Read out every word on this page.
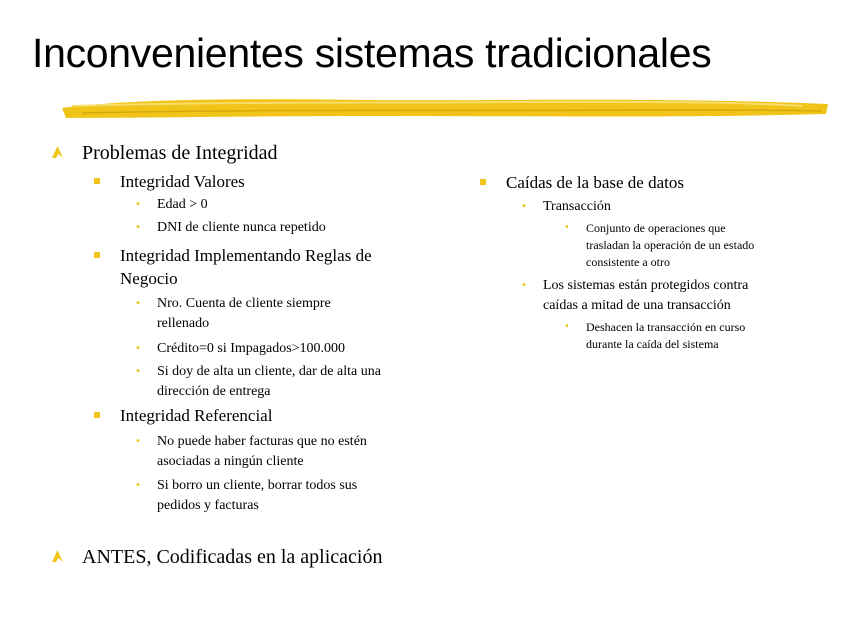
Inconvenientes sistemas tradicionales
Problemas de Integridad
Integridad Valores
• Edad > 0
• DNI de cliente nunca repetido
Integridad Implementando Reglas de
Negocio
• Nro. Cuenta de cliente siempre
rellenado
• Crédito=0 si Impagados>100.000
• Si doy de alta un cliente, dar de alta una
dirección de entrega
Integridad Referencial
• No puede haber facturas que no estén
asociadas a ningún cliente
• Si borro un cliente, borrar todos sus
pedidos y facturas
ANTES, Codificadas en la aplicación
Caídas de la base de datos
• Transacción
• Conjunto de operaciones que
trasladan la operación de un estado
consistente a otro
• Los sistemas están protegidos contra
caídas a mitad de una transacción
• Deshacen la transacción en curso
durante la caída del sistema
